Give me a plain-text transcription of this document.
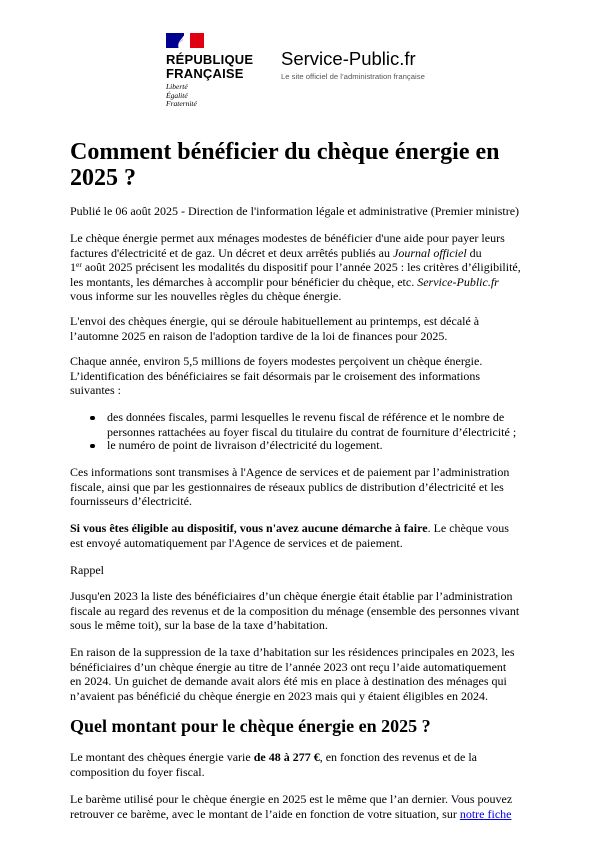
RÉPUBLIQUE
FRANÇAISE
Liberté
Égalité
Fraternité
Service-Public.fr
Le site officiel de l’administration française
Comment bénéficier du chèque énergie en
2025 ?

Publié le 06 août 2025 - Direction de l'information légale et administrative (Premier ministre)

Le chèque énergie permet aux ménages modestes de bénéficier d'une aide pour payer leurs
factures d'électricité et de gaz. Un décret et deux arrêtés publiés au Journal officiel du
1er août 2025 précisent les modalités du dispositif pour l’année 2025 : les critères d’éligibilité,
les montants, les démarches à accomplir pour bénéficier du chèque, etc. Service-Public.fr
vous informe sur les nouvelles règles du chèque énergie.

L'envoi des chèques énergie, qui se déroule habituellement au printemps, est décalé à
l’automne 2025 en raison de l'adoption tardive de la loi de finances pour 2025.

Chaque année, environ 5,5 millions de foyers modestes perçoivent un chèque énergie.
L’identification des bénéficiaires se fait désormais par le croisement des informations
suivantes :

des données fiscales, parmi lesquelles le revenu fiscal de référence et le nombre de
personnes rattachées au foyer fiscal du titulaire du contrat de fourniture d’électricité ;
le numéro de point de livraison d’électricité du logement.

Ces informations sont transmises à l'Agence de services et de paiement par l’administration
fiscale, ainsi que par les gestionnaires de réseaux publics de distribution d’électricité et les
fournisseurs d’électricité.

Si vous êtes éligible au dispositif, vous n'avez aucune démarche à faire. Le chèque vous
est envoyé automatiquement par l'Agence de services et de paiement.

Rappel

Jusqu'en 2023 la liste des bénéficiaires d’un chèque énergie était établie par l’administration
fiscale au regard des revenus et de la composition du ménage (ensemble des personnes vivant
sous le même toit), sur la base de la taxe d’habitation.

En raison de la suppression de la taxe d’habitation sur les résidences principales en 2023, les
bénéficiaires d’un chèque énergie au titre de l’année 2023 ont reçu l’aide automatiquement
en 2024. Un guichet de demande avait alors été mis en place à destination des ménages qui
n’avaient pas bénéficié du chèque énergie en 2023 mais qui y étaient éligibles en 2024.

Quel montant pour le chèque énergie en 2025 ?

Le montant des chèques énergie varie de 48 à 277 €, en fonction des revenus et de la
composition du foyer fiscal.

Le barème utilisé pour le chèque énergie en 2025 est le même que l’an dernier. Vous pouvez
retrouver ce barème, avec le montant de l’aide en fonction de votre situation, sur notre fiche
